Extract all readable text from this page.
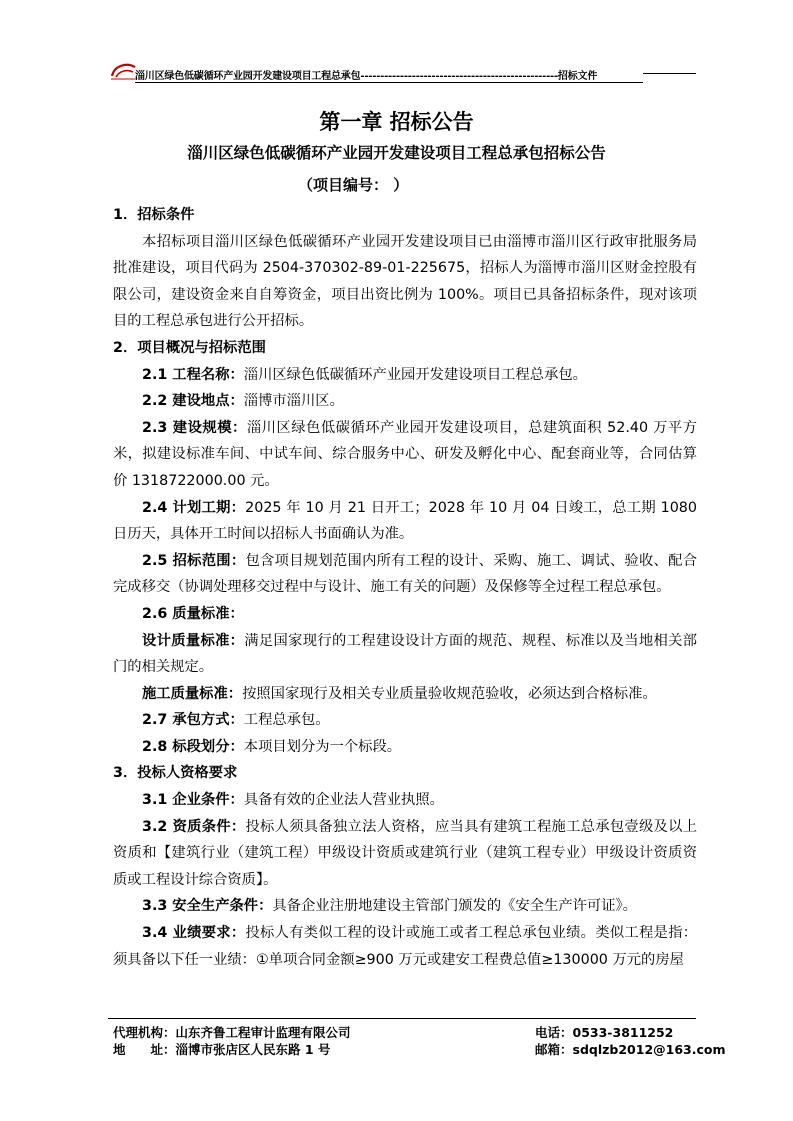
淄川区绿色低碳循环产业园开发建设项目工程总承包--------------------------------------------------招标文件
第一章 招标公告
淄川区绿色低碳循环产业园开发建设项目工程总承包招标公告
（项目编号： ）

1．招标条件

本招标项目淄川区绿色低碳循环产业园开发建设项目已由淄博市淄川区行政审批服务局批准建设，项目代码为 2504-370302-89-01-225675，招标人为淄博市淄川区财金控股有限公司，建设资金来自自筹资金，项目出资比例为 100%。项目已具备招标条件，现对该项目的工程总承包进行公开招标。

2．项目概况与招标范围

2.1 工程名称：淄川区绿色低碳循环产业园开发建设项目工程总承包。

2.2 建设地点：淄博市淄川区。

2.3 建设规模：淄川区绿色低碳循环产业园开发建设项目，总建筑面积 52.40 万平方米，拟建设标准车间、中试车间、综合服务中心、研发及孵化中心、配套商业等，合同估算价 1318722000.00 元。

2.4 计划工期：2025 年 10 月 21 日开工；2028 年 10 月 04 日竣工，总工期 1080 日历天，具体开工时间以招标人书面确认为准。

2.5 招标范围：包含项目规划范围内所有工程的设计、采购、施工、调试、验收、配合完成移交（协调处理移交过程中与设计、施工有关的问题）及保修等全过程工程总承包。

2.6 质量标准：

设计质量标准：满足国家现行的工程建设设计方面的规范、规程、标准以及当地相关部门的相关规定。

施工质量标准：按照国家现行及相关专业质量验收规范验收，必须达到合格标准。

2.7 承包方式：工程总承包。

2.8 标段划分：本项目划分为一个标段。

3．投标人资格要求

3.1 企业条件：具备有效的企业法人营业执照。

3.2 资质条件：投标人须具备独立法人资格，应当具有建筑工程施工总承包壹级及以上资质和【建筑行业（建筑工程）甲级设计资质或建筑行业（建筑工程专业）甲级设计资质资质或工程设计综合资质】。

3.3 安全生产条件：具备企业注册地建设主管部门颁发的《安全生产许可证》。

3.4 业绩要求：投标人有类似工程的设计或施工或者工程总承包业绩。类似工程是指：须具备以下任一业绩：①单项合同金额≥900 万元或建安工程费总值≥130000 万元的房屋

代理机构：山东齐鲁工程审计监理有限公司	电话：0533-3811252
地　　址：淄博市张店区人民东路 1 号	邮箱：sdqlzb2012@163.com
